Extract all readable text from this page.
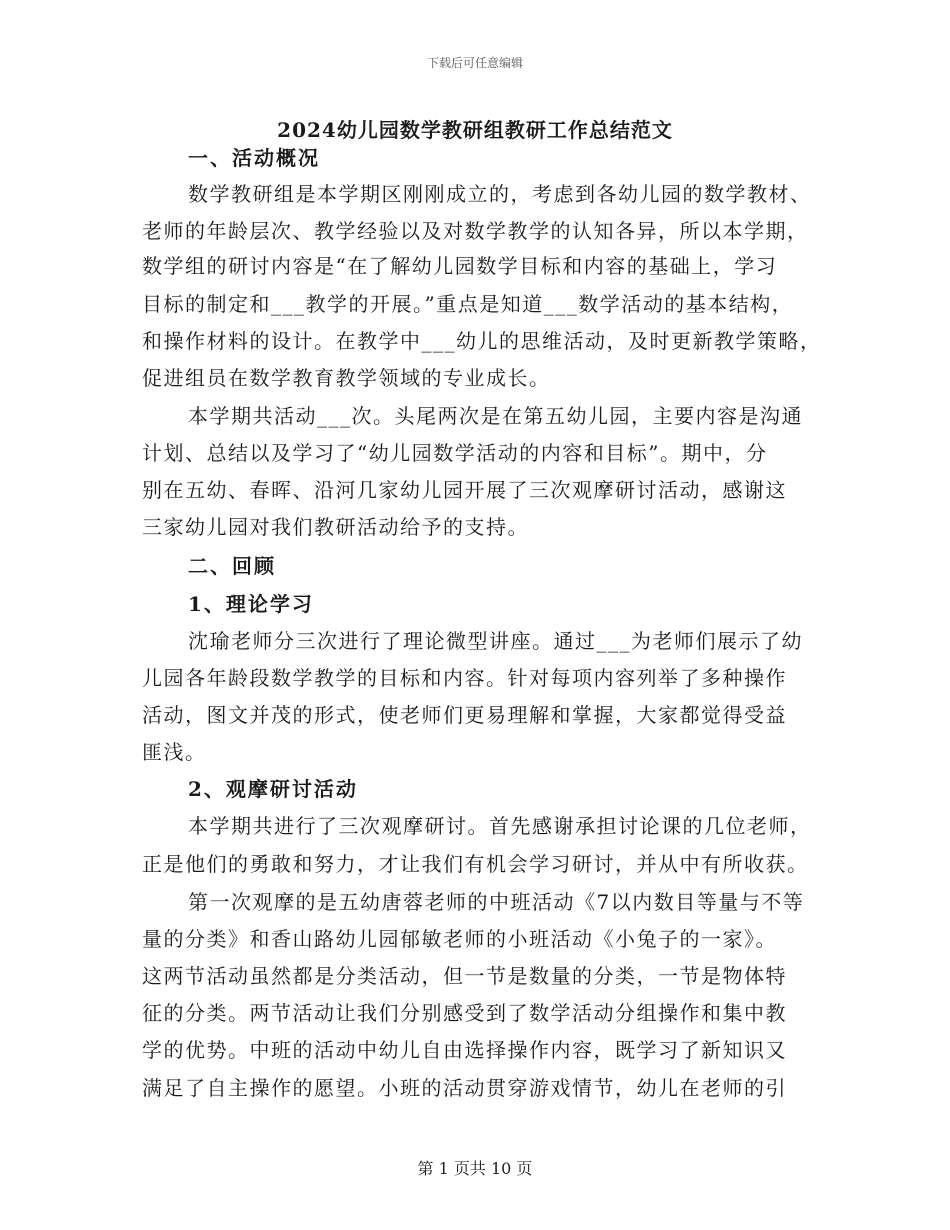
下载后可任意编辑
2024幼儿园数学教研组教研工作总结范文
一、活动概况
数学教研组是本学期区刚刚成立的，考虑到各幼儿园的数学教材、
老师的年龄层次、教学经验以及对数学教学的认知各异，所以本学期，
数学组的研讨内容是“在了解幼儿园数学目标和内容的基础上，学习
目标的制定和___教学的开展。”重点是知道___数学活动的基本结构，
和操作材料的设计。在教学中___幼儿的思维活动，及时更新教学策略，
促进组员在数学教育教学领域的专业成长。
本学期共活动___次。头尾两次是在第五幼儿园，主要内容是沟通
计划、总结以及学习了“幼儿园数学活动的内容和目标”。期中，分
别在五幼、春晖、沿河几家幼儿园开展了三次观摩研讨活动，感谢这
三家幼儿园对我们教研活动给予的支持。
二、回顾
1、理论学习
沈瑜老师分三次进行了理论微型讲座。通过___为老师们展示了幼
儿园各年龄段数学教学的目标和内容。针对每项内容列举了多种操作
活动，图文并茂的形式，使老师们更易理解和掌握，大家都觉得受益
匪浅。
2、观摩研讨活动
本学期共进行了三次观摩研讨。首先感谢承担讨论课的几位老师，
正是他们的勇敢和努力，才让我们有机会学习研讨，并从中有所收获。
第一次观摩的是五幼唐蓉老师的中班活动《7以内数目等量与不等
量的分类》和香山路幼儿园郁敏老师的小班活动《小兔子的一家》。
这两节活动虽然都是分类活动，但一节是数量的分类，一节是物体特
征的分类。两节活动让我们分别感受到了数学活动分组操作和集中教
学的优势。中班的活动中幼儿自由选择操作内容，既学习了新知识又
满足了自主操作的愿望。小班的活动贯穿游戏情节，幼儿在老师的引
第 1 页共 10 页
